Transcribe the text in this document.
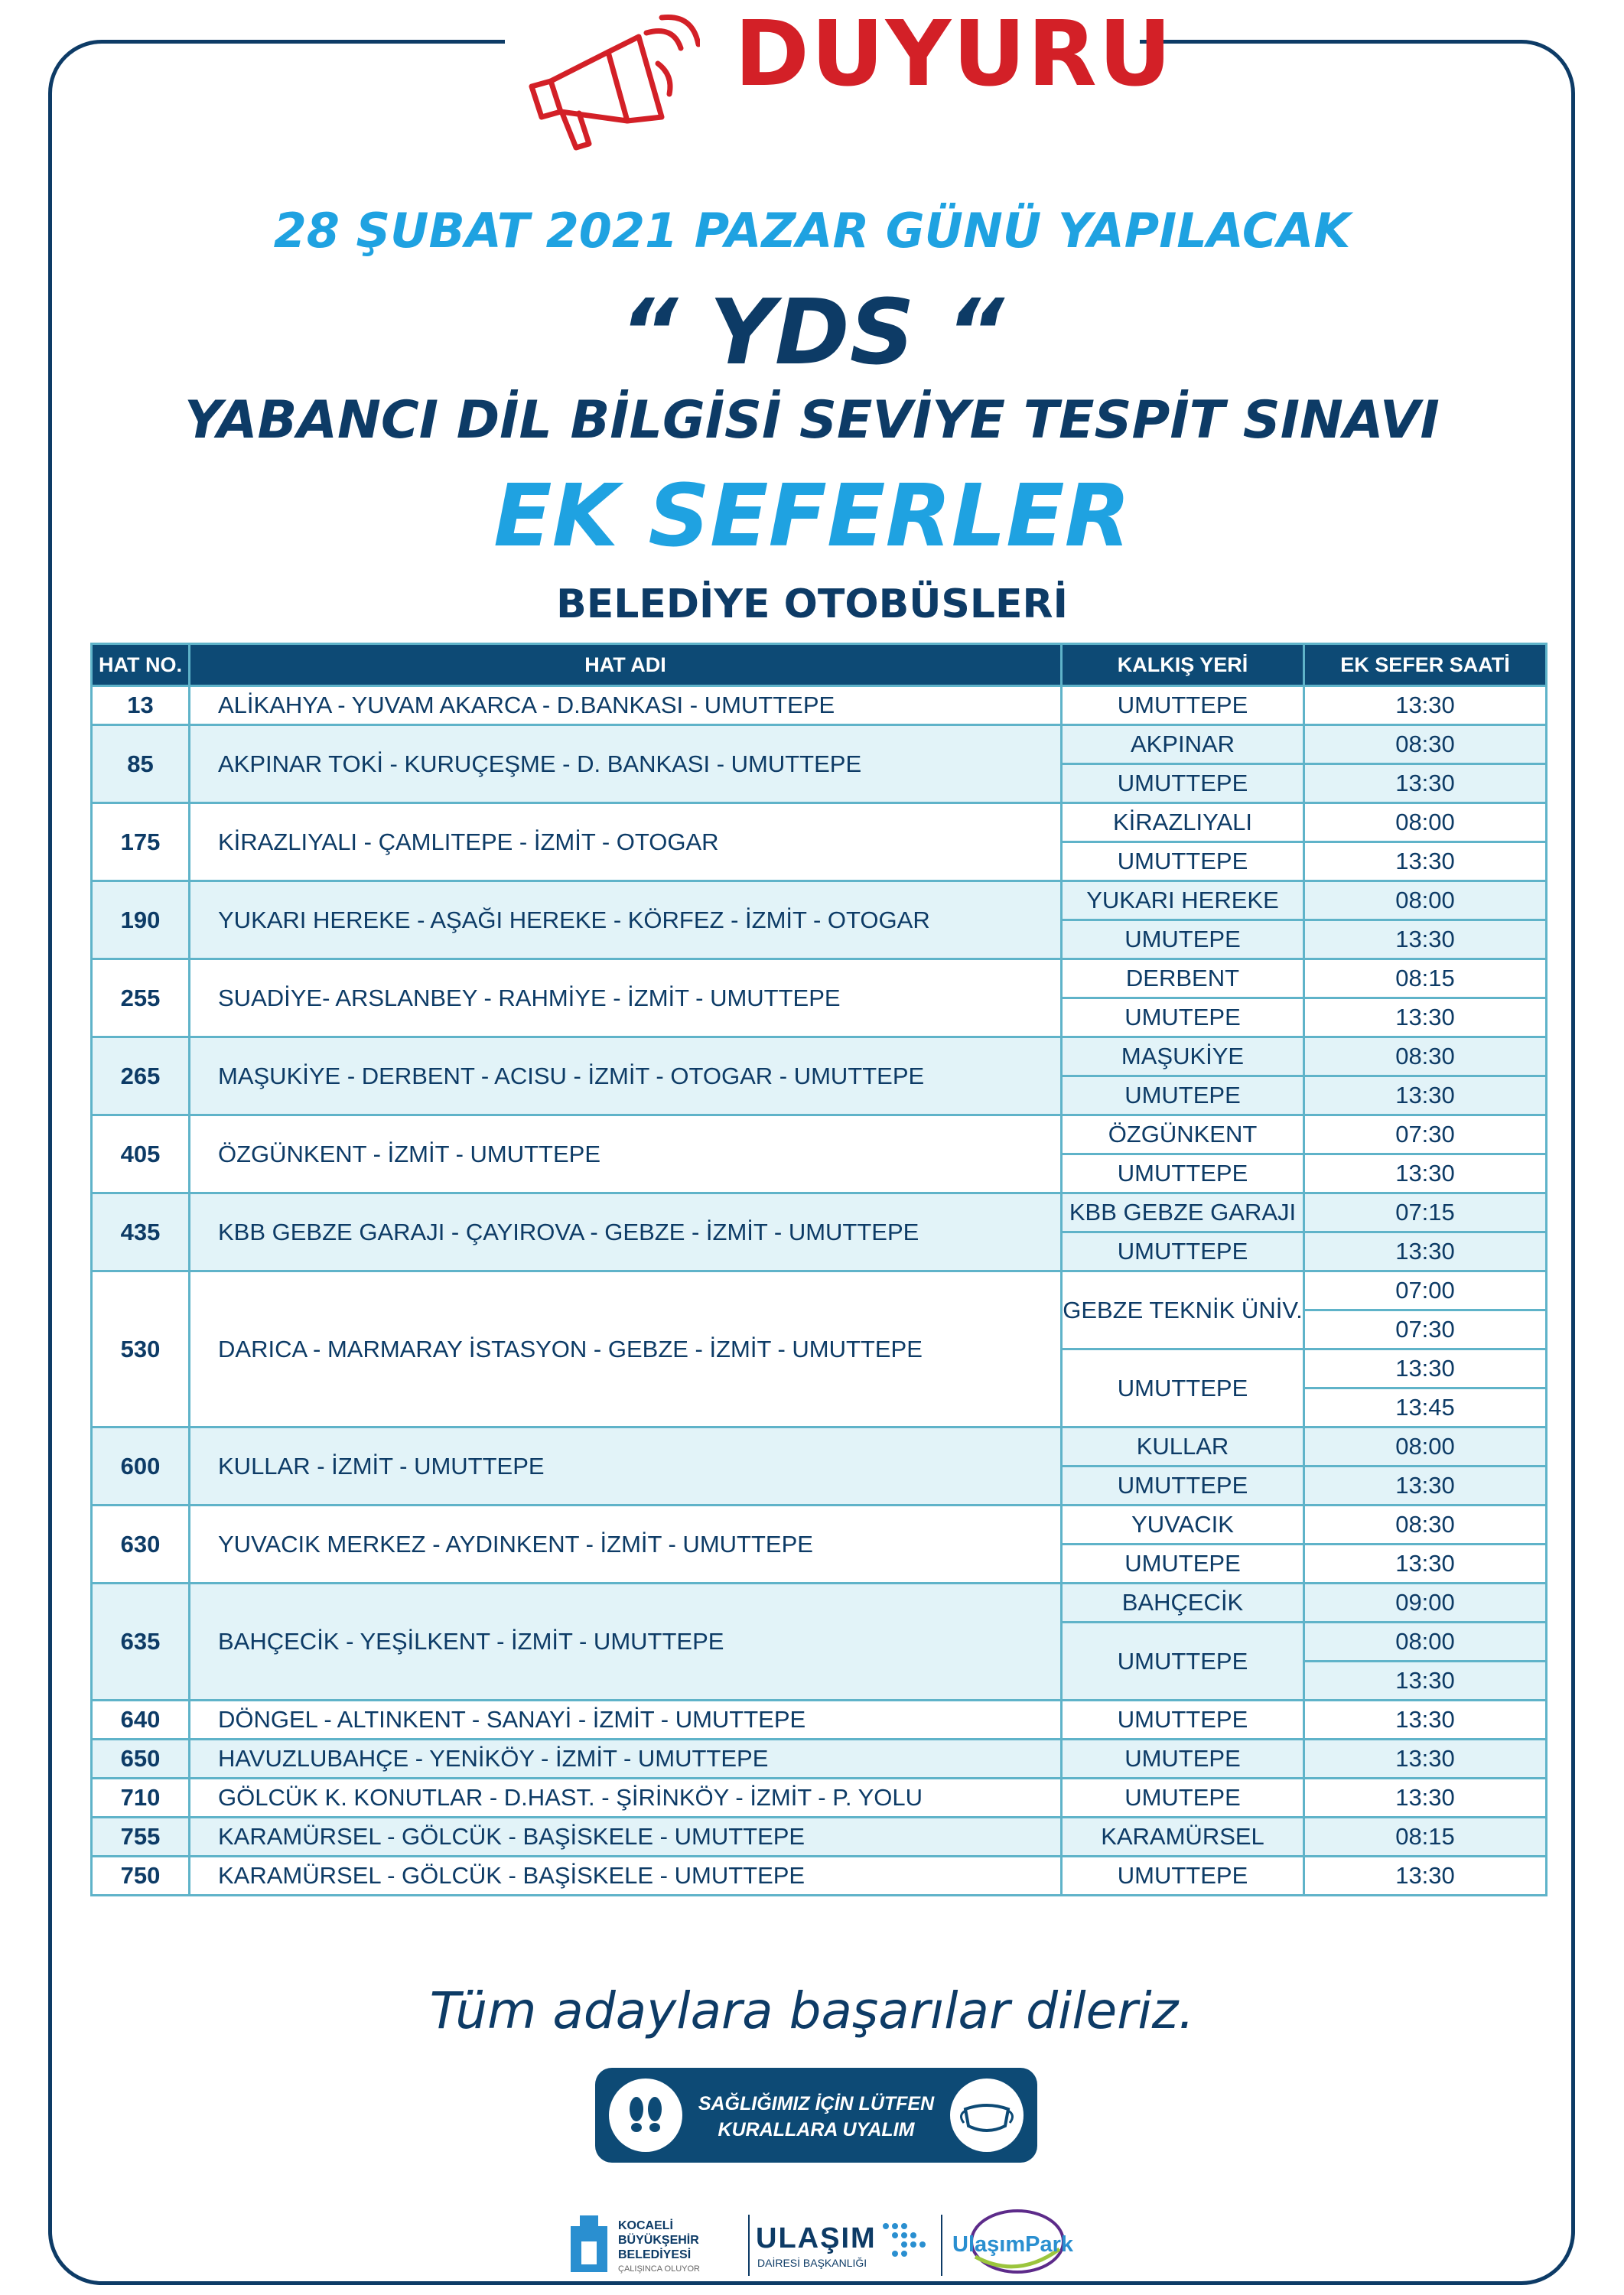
DUYURU
28 ŞUBAT 2021 PAZAR GÜNÜ YAPILACAK
“ YDS “
YABANCI DİL BİLGİSİ SEVİYE TESPİT SINAVI
EK SEFERLER
BELEDİYE OTOBÜSLERİ
HAT NO.	HAT ADI	KALKIŞ YERİ	EK SEFER SAATİ
13	ALİKAHYA - YUVAM AKARCA - D.BANKASI - UMUTTEPE	UMUTTEPE	13:30
85	AKPINAR TOKİ - KURUÇEŞME - D. BANKASI - UMUTTEPE	AKPINAR	08:30
		UMUTTEPE	13:30
175	KİRAZLIYALI - ÇAMLITEPE - İZMİT - OTOGAR	KİRAZLIYALI	08:00
		UMUTTEPE	13:30
190	YUKARI HEREKE - AŞAĞI HEREKE - KÖRFEZ - İZMİT - OTOGAR	YUKARI HEREKE	08:00
		UMUTEPE	13:30
255	SUADİYE- ARSLANBEY - RAHMİYE - İZMİT - UMUTTEPE	DERBENT	08:15
		UMUTEPE	13:30
265	MAŞUKİYE - DERBENT - ACISU - İZMİT - OTOGAR - UMUTTEPE	MAŞUKİYE	08:30
		UMUTEPE	13:30
405	ÖZGÜNKENT - İZMİT - UMUTTEPE	ÖZGÜNKENT	07:30
		UMUTTEPE	13:30
435	KBB GEBZE GARAJI - ÇAYIROVA - GEBZE - İZMİT - UMUTTEPE	KBB GEBZE GARAJI	07:15
		UMUTTEPE	13:30
530	DARICA - MARMARAY İSTASYON - GEBZE - İZMİT - UMUTTEPE	GEBZE TEKNİK ÜNİV.	07:00
			07:30
		UMUTTEPE	13:30
			13:45
600	KULLAR - İZMİT - UMUTTEPE	KULLAR	08:00
		UMUTTEPE	13:30
630	YUVACIK MERKEZ - AYDINKENT - İZMİT - UMUTTEPE	YUVACIK	08:30
		UMUTEPE	13:30
635	BAHÇECİK - YEŞİLKENT - İZMİT - UMUTTEPE	BAHÇECİK	09:00
		UMUTTEPE	08:00
			13:30
640	DÖNGEL - ALTINKENT - SANAYİ - İZMİT - UMUTTEPE	UMUTTEPE	13:30
650	HAVUZLUBAHÇE - YENİKÖY - İZMİT - UMUTTEPE	UMUTEPE	13:30
710	GÖLCÜK K. KONUTLAR - D.HAST. - ŞİRİNKÖY - İZMİT - P. YOLU	UMUTEPE	13:30
755	KARAMÜRSEL - GÖLCÜK - BAŞİSKELE - UMUTTEPE	KARAMÜRSEL	08:15
750	KARAMÜRSEL - GÖLCÜK - BAŞİSKELE - UMUTTEPE	UMUTTEPE	13:30
Tüm adaylara başarılar dileriz.
SAĞLIĞIMIZ İÇİN LÜTFEN
KURALLARA UYALIM
KOCAELİ
BÜYÜKŞEHİR
BELEDİYESİ
ÇALIŞINCA OLUYOR
ULAŞIM
DAİRESİ BAŞKANLIĞI
UlaşımPark
